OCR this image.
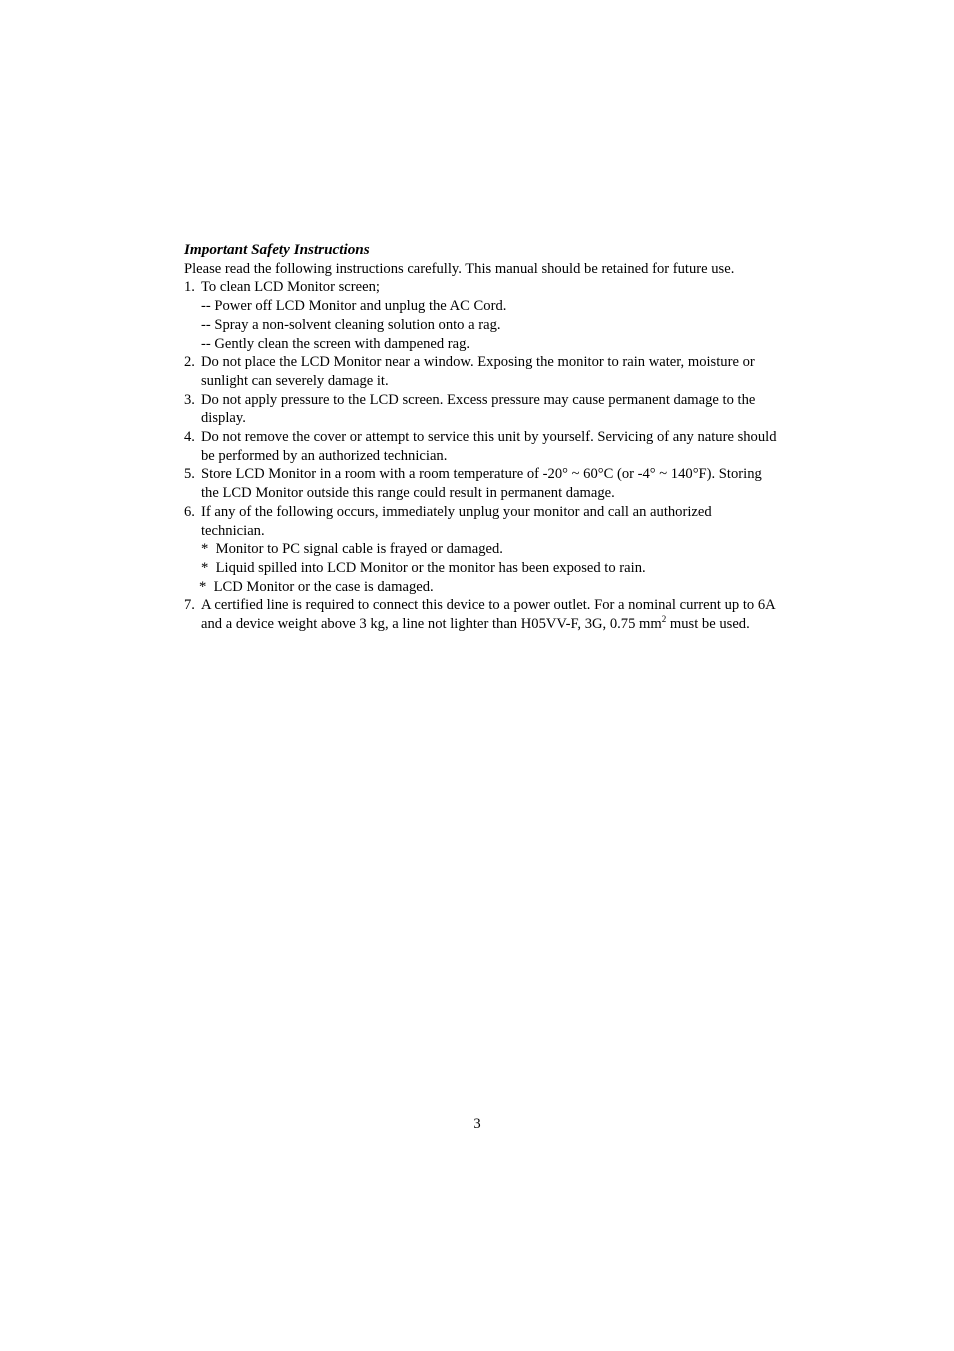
Important Safety Instructions

Please read the following instructions carefully. This manual should be retained for future use.

1. To clean LCD Monitor screen;
-- Power off LCD Monitor and unplug the AC Cord.
-- Spray a non-solvent cleaning solution onto a rag.
-- Gently clean the screen with dampened rag.
2. Do not place the LCD Monitor near a window. Exposing the monitor to rain water, moisture or sunlight can severely damage it.
3. Do not apply pressure to the LCD screen. Excess pressure may cause permanent damage to the display.
4. Do not remove the cover or attempt to service this unit by yourself. Servicing of any nature should be performed by an authorized technician.
5. Store LCD Monitor in a room with a room temperature of -20° ~ 60°C (or -4° ~ 140°F). Storing the LCD Monitor outside this range could result in permanent damage.
6. If any of the following occurs, immediately unplug your monitor and call an authorized technician.
* Monitor to PC signal cable is frayed or damaged.
* Liquid spilled into LCD Monitor or the monitor has been exposed to rain.
* LCD Monitor or the case is damaged.
7. A certified line is required to connect this device to a power outlet. For a nominal current up to 6A and a device weight above 3 kg, a line not lighter than H05VV-F, 3G, 0.75 $mm^2$ must be used.

3
